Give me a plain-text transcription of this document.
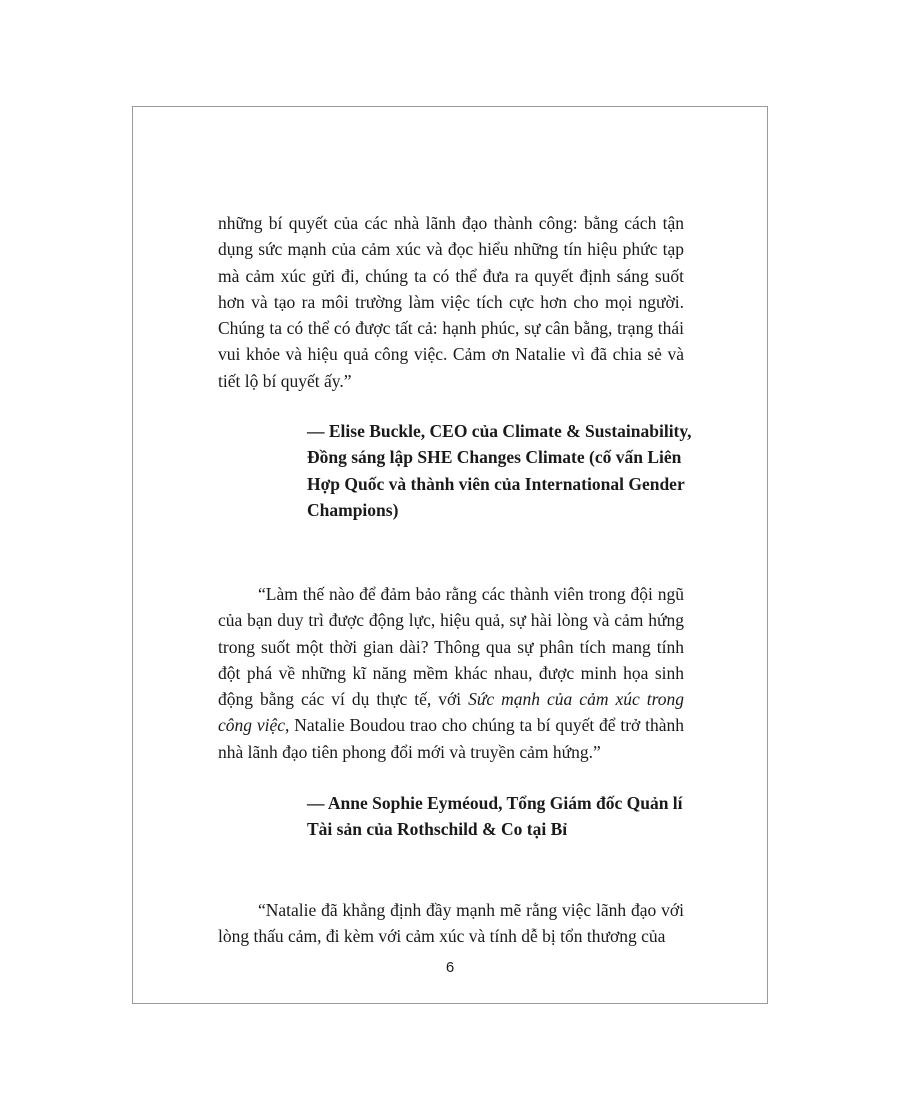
những bí quyết của các nhà lãnh đạo thành công: bằng cách tận dụng sức mạnh của cảm xúc và đọc hiểu những tín hiệu phức tạp mà cảm xúc gửi đi, chúng ta có thể đưa ra quyết định sáng suốt hơn và tạo ra môi trường làm việc tích cực hơn cho mọi người. Chúng ta có thể có được tất cả: hạnh phúc, sự cân bằng, trạng thái vui khỏe và hiệu quả công việc. Cảm ơn Natalie vì đã chia sẻ và tiết lộ bí quyết ấy.”

— Elise Buckle, CEO của Climate & Sustainability, Đồng sáng lập SHE Changes Climate (cố vấn Liên Hợp Quốc và thành viên của International Gender Champions)

“Làm thế nào để đảm bảo rằng các thành viên trong đội ngũ của bạn duy trì được động lực, hiệu quả, sự hài lòng và cảm hứng trong suốt một thời gian dài? Thông qua sự phân tích mang tính đột phá về những kĩ năng mềm khác nhau, được minh họa sinh động bằng các ví dụ thực tế, với Sức mạnh của cảm xúc trong công việc, Natalie Boudou trao cho chúng ta bí quyết để trở thành nhà lãnh đạo tiên phong đổi mới và truyền cảm hứng.”

— Anne Sophie Eyméoud, Tổng Giám đốc Quản lí Tài sản của Rothschild & Co tại Bỉ

“Natalie đã khẳng định đầy mạnh mẽ rằng việc lãnh đạo với lòng thấu cảm, đi kèm với cảm xúc và tính dễ bị tổn thương của

6
